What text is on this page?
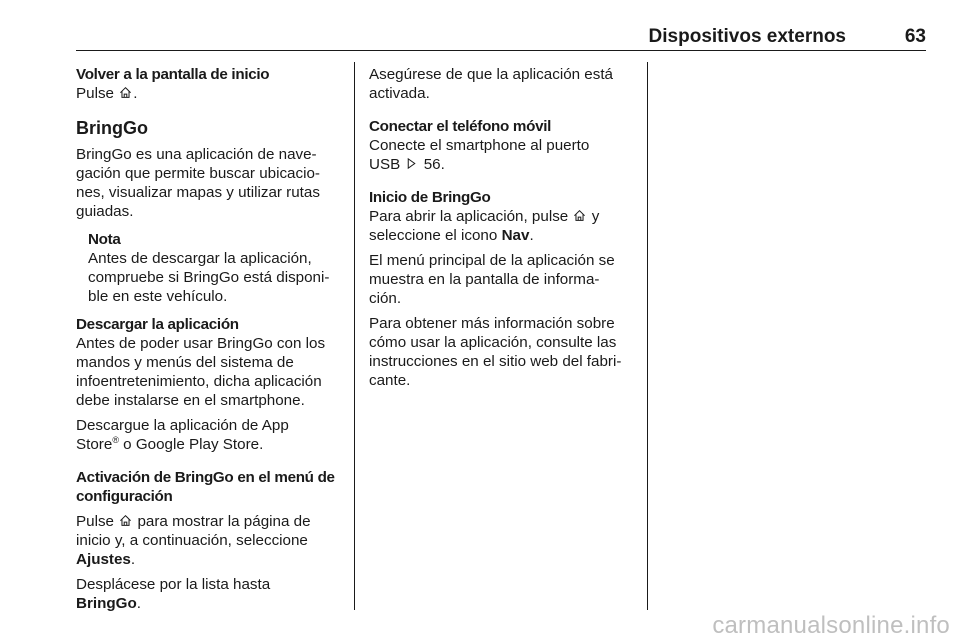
Dispositivos externos	63

Volver a la pantalla de inicio

Pulse .

BringGo

BringGo es una aplicación de nave-

gación que permite buscar ubicacio-

nes, visualizar mapas y utilizar rutas

guiadas.

Nota

Antes de descargar la aplicación,

compruebe si BringGo está disponi-

ble en este vehículo.

Descargar la aplicación

Antes de poder usar BringGo con los

mandos y menús del sistema de

infoentretenimiento, dicha aplicación

debe instalarse en el smartphone.

Descargue la aplicación de App

Store® o Google Play Store.

Activación de BringGo en el menú de

configuración

Pulse  para mostrar la página de

inicio y, a continuación, seleccione

Ajustes.

Desplácese por la lista hasta

BringGo.

Asegúrese de que la aplicación está

activada.

Conectar el teléfono móvil

Conecte el smartphone al puerto

USB  56.

Inicio de BringGo

Para abrir la aplicación, pulse  y

seleccione el icono Nav.

El menú principal de la aplicación se

muestra en la pantalla de informa-

ción.

Para obtener más información sobre

cómo usar la aplicación, consulte las

instrucciones en el sitio web del fabri-

cante.

carmanualsonline.info
